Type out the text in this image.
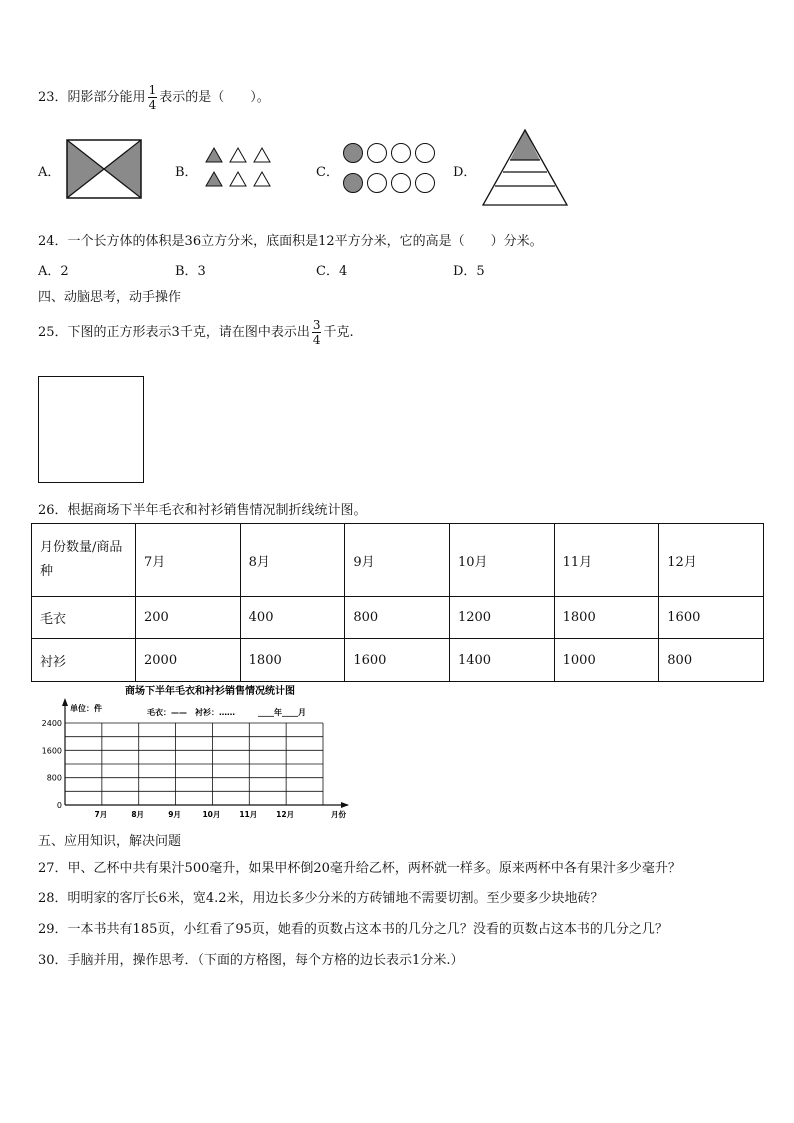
23．阴影部分能用 $\frac{1}{4}$ 表示的是（　　）。
A．	B．	C．	D．
24．一个长方体的体积是36立方分米，底面积是12平方分米，它的高是（　　）分米。
A．2	B．3	C．4	D．5
四、动脑思考，动手操作
25．下图的正方形表示3千克，请在图中表示出 $\frac{3}{4}$ 千克.
26．根据商场下半年毛衣和衬衫销售情况制折线统计图。
月份数量/商品
种	7月	8月	9月	10月	11月	12月
毛衣	200	400	800	1200	1800	1600
衬衫	2000	1800	1600	1400	1000	800
商场下半年毛衣和衬衫销售情况统计图
单位：件	毛衣：——　衬衫：……	____年____月
2400
1600
800
0
7月	8月	9月	10月	11月	12月	月份
五、应用知识，解决问题
27．甲、乙杯中共有果汁500毫升，如果甲杯倒20毫升给乙杯，两杯就一样多。原来两杯中各有果汁多少毫升？
28．明明家的客厅长6米，宽4.2米，用边长多少分米的方砖铺地不需要切割。至少要多少块地砖？
29．一本书共有185页，小红看了95页，她看的页数占这本书的几分之几？没看的页数占这本书的几分之几？
30．手脑并用，操作思考．（下面的方格图，每个方格的边长表示1分米.）
